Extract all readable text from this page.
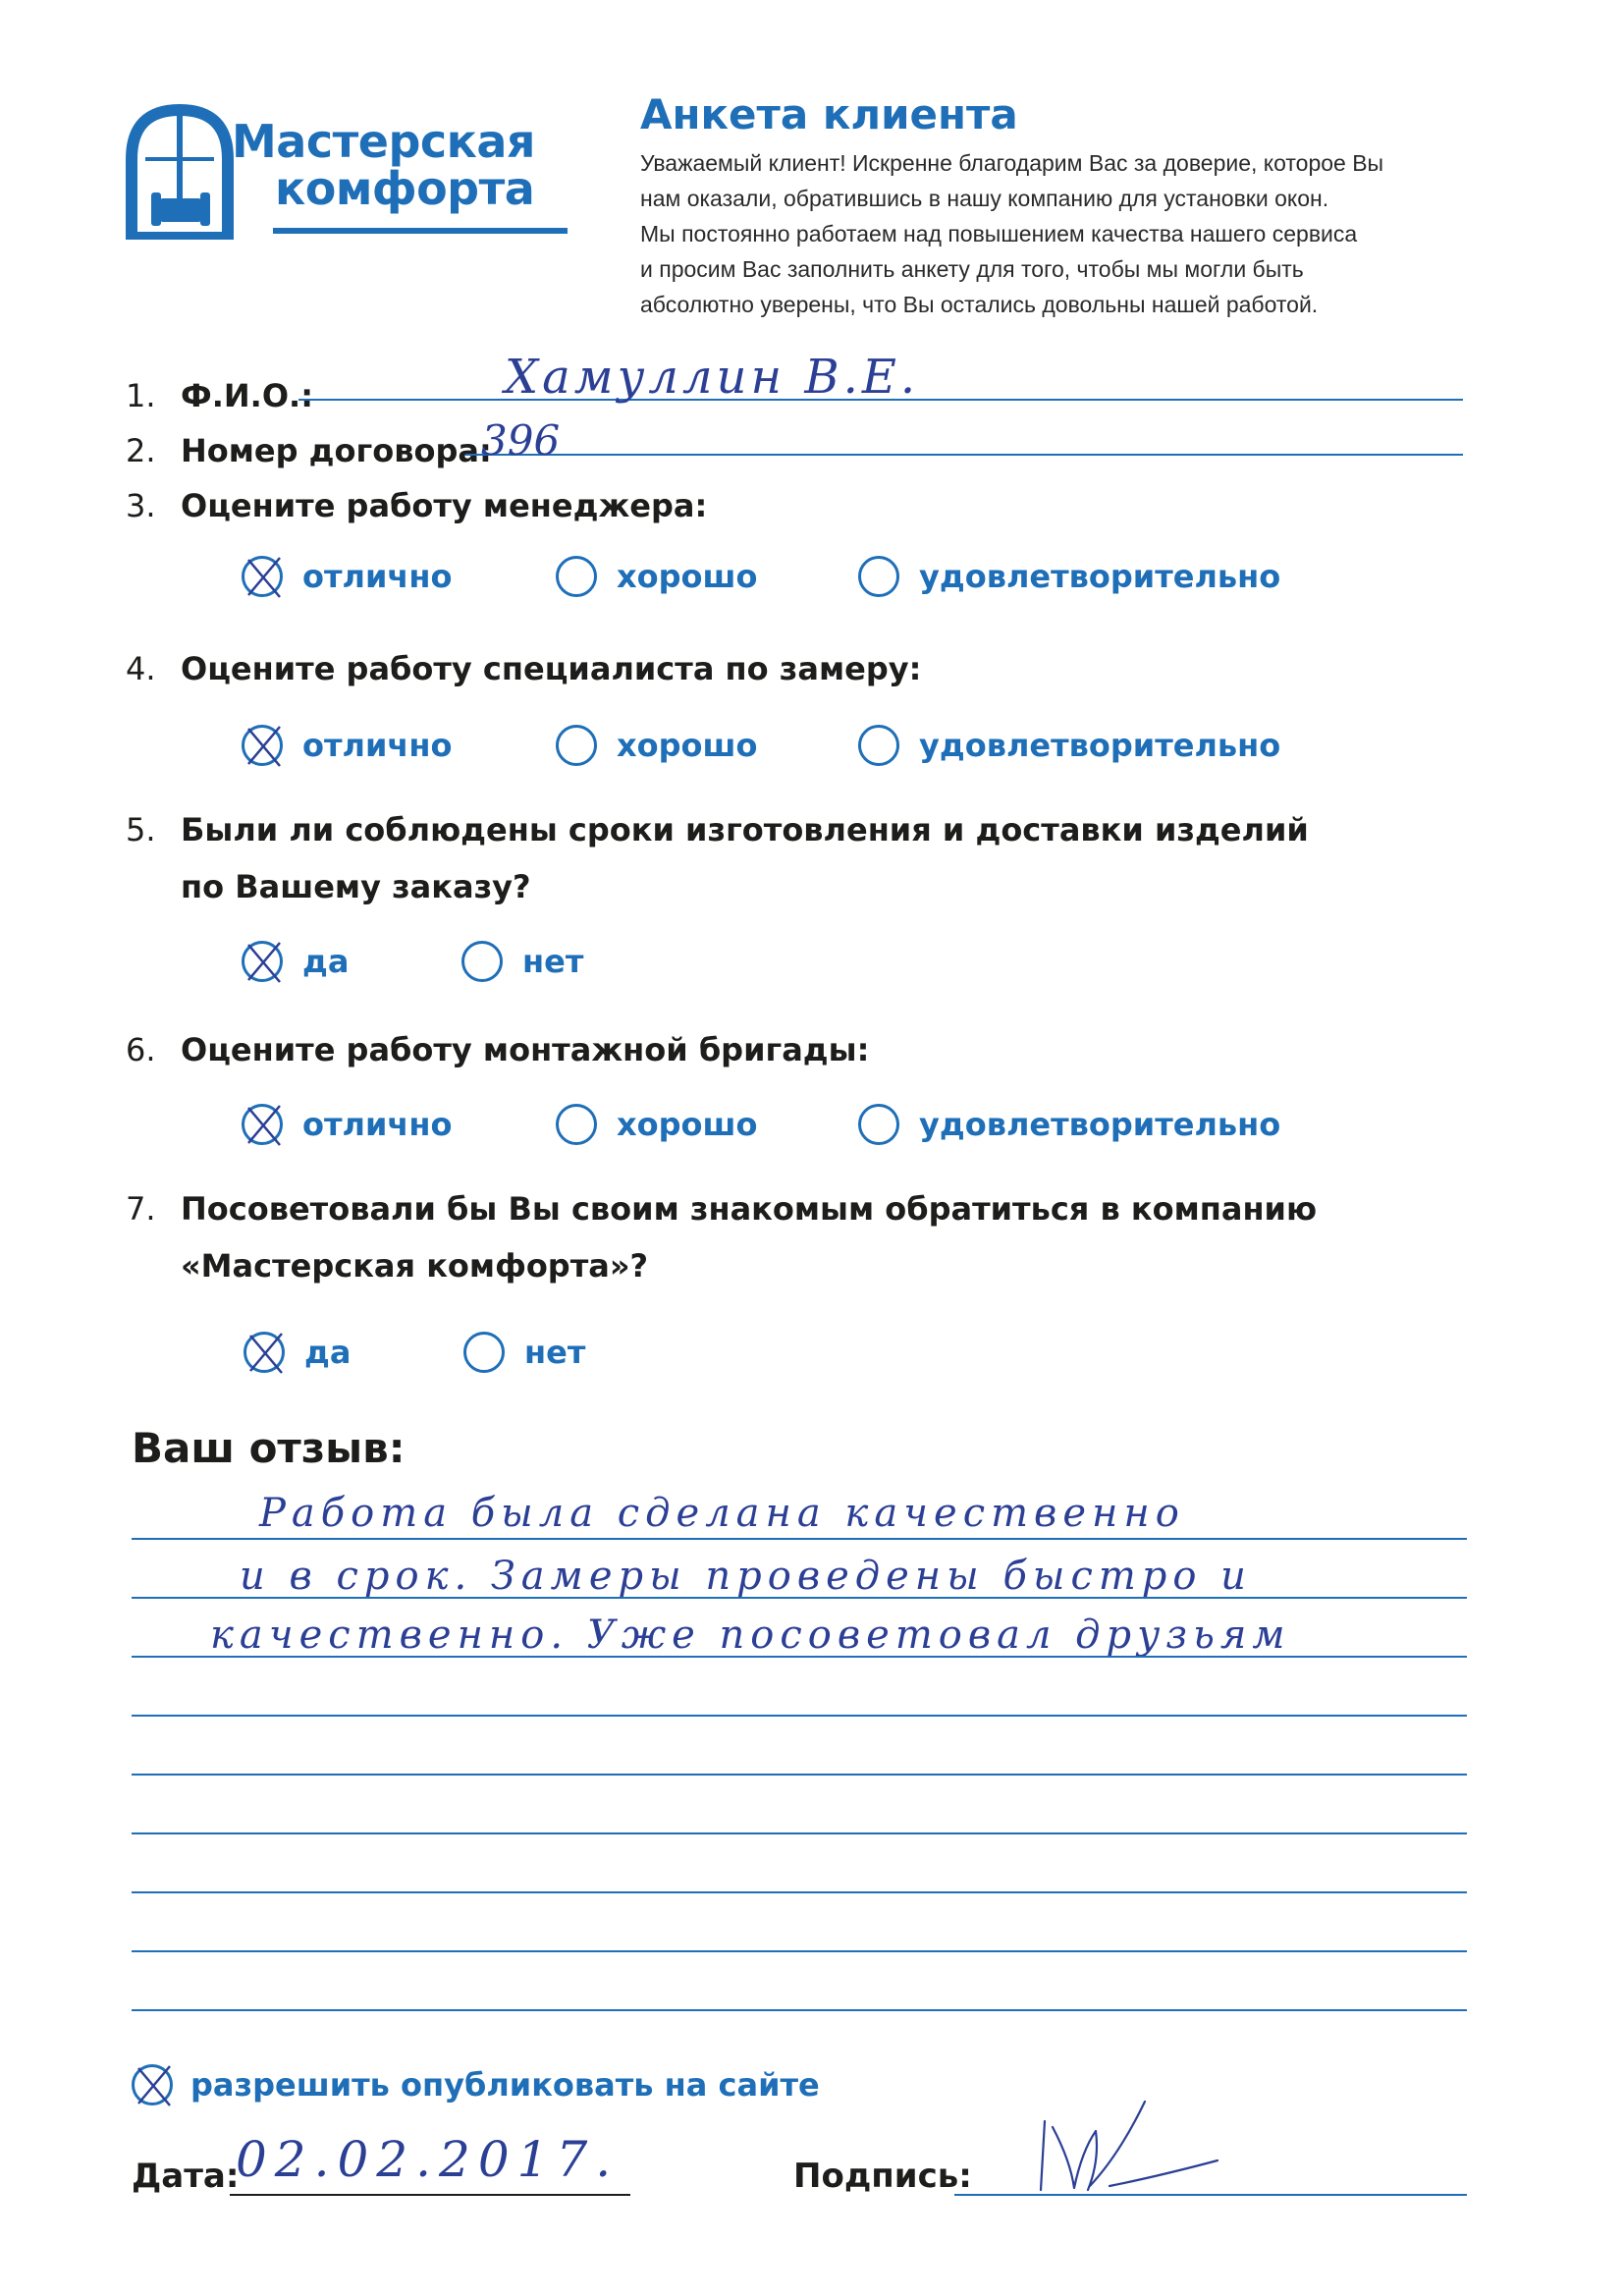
Мастерская
комфорта
Анкета клиента
Уважаемый клиент! Искренне благодарим Вас за доверие, которое Вы
нам оказали, обратившись в нашу компанию для установки окон.
Мы постоянно работаем над повышением качества нашего сервиса
и просим Вас заполнить анкету для того, чтобы мы могли быть
абсолютно уверены, что Вы остались довольны нашей работой.
1. Ф.И.О.:	Хамуллин В.Е.
2. Номер договора:
396
3. Оцените работу менеджера:
отлично	хорошо	удовлетворительно
4. Оцените работу специалиста по замеру:
отлично	хорошо	удовлетворительно
5. Были ли соблюдены сроки изготовления и доставки изделий
по Вашему заказу?
да	нет
6. Оцените работу монтажной бригады:
отлично	хорошо	удовлетворительно
7. Посоветовали бы Вы своим знакомым обратиться в компанию
«Мастерская комфорта»?
да	нет
Ваш отзыв:
Работа была сделана качественно
и в срок. Замеры проведены быстро и
качественно. Уже посоветовал друзьям
разрешить опубликовать на сайте
Дата:
02.02.2017.	Подпись:
